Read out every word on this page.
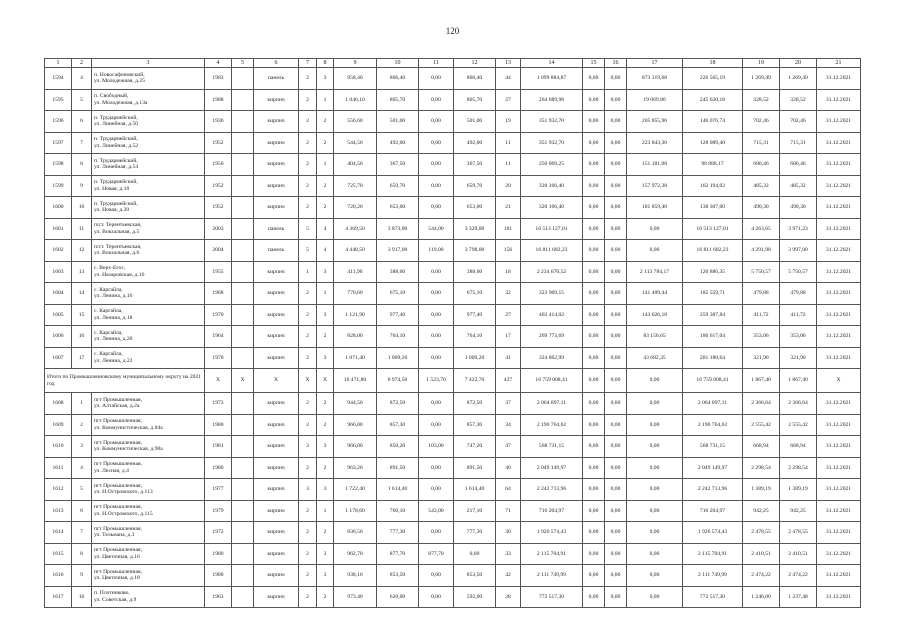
120
1	2	3	4	5	6	7	8	9	10	11	12	13	14	15	16	17	18	19	20	21
1594	4	п. Новосафоновский,
ул. Молодежная, д.25	1983		панель	2	3	958,40	866,40	0,00	866,40	44	1 099 884,87	0,00	0,00	873 319,68	226 565,19	1 269,49	1 269,49	31.12.2021
1595	5	п. Свободный,
ул. Молодежная, д.13а	1988		кирпич	2	1	1 046,10	805,70	0,00	805,70	27	264 689,98	0,00	0,00	19 069,80	245 620,18	328,52	328,52	31.12.2021
1596	6	п. Трудармейский,
ул. Линейная, д.50	1936		кирпич	2	2	556,60	501,00	0,00	501,00	19	351 932,70	0,00	0,00	205 855,96	146 076,74	702,46	702,46	31.12.2021
1597	7	п. Трудармейский,
ул. Линейная, д.52	1952		кирпич	2	2	544,50	492,00	0,00	492,00	11	351 932,70	0,00	0,00	223 843,30	128 089,40	715,31	715,31	31.12.2021
1598	8	п. Трудармейский,
ул. Линейная, д.54	1950		кирпич	2	1	404,50	367,50	0,00	367,50	11	250 069,25	0,00	0,00	151 181,08	98 888,17	680,46	680,46	31.12.2021
1599	9	п. Трудармейский,
ул. Новая, д.18	1952		кирпич	2	2	725,70	659,70	0,00	659,70	20	320 166,40	0,00	0,00	157 972,38	162 194,02	485,32	485,32	31.12.2021
1600	10	п. Трудармейский,
ул. Новая, д.20	1952		кирпич	2	2	720,20	653,00	0,00	653,00	21	320 166,40	0,00	0,00	181 859,40	138 307,00	490,30	490,30	31.12.2021
1601	11	п/ст. Терентьевская,
ул. Вокзальная, д.5	2003		панель	5	4	4 369,50	3 873,00	544,00	3 329,00	181	16 513 127,01	0,00	0,00	0,00	16 513 127,01	4 263,65	3 971,23	31.12.2021
1602	12	п/ст. Терентьевская,
ул. Вокзальная, д.6	2004		панель	5	4	4 448,50	3 917,00	119,00	3 798,00	156	16 811 682,23	0,00	0,00	0,00	16 811 682,23	4 291,98	3 997,00	31.12.2021
1603	13	с. Верх-Егос,
ул. Назаровская, д.16	1955		кирпич	1	3	411,90	388,60	0,00	388,60	18	2 234 670,52	0,00	0,00	2 113 784,17	120 886,35	5 750,57	5 750,57	31.12.2021
1604	14	с. Каргайла,
ул. Ленина, д.16	1968		кирпич	2	1	770,60	675,10	0,00	675,10	32	323 969,15	0,00	0,00	141 409,44	182 559,71	479,88	479,88	31.12.2021
1605	15	с. Каргайла,
ул. Ленина, д.18	1970		кирпич	2	3	1 121,90	977,40	0,00	977,40	27	402 414,02	0,00	0,00	143 026,18	259 387,84	411,72	411,72	31.12.2021
1606	16	с. Каргайла,
ул. Ленина, д.20	1964		кирпич	2	2	828,00	764,10	0,00	764,10	17	269 773,69	0,00	0,00	83 156,65	186 617,04	353,06	353,06	31.12.2021
1607	17	с. Каргайла,
ул. Ленина, д.22	1970		кирпич	2	3	1 071,40	1 009,20	0,00	1 009,20	41	324 862,99	0,00	0,00	43 682,35	281 180,64	321,90	321,90	31.12.2021
Итого по Промышленновскому муниципальному округу на 2021 год			X	X	X	X	X	10 471,80	8 974,50	1 523,70	7 422,70	427	16 759 008,41	0,00	0,00	0,00	16 759 008,41	1 867,40	1 867,40	X
1608	1	пгт Промышленная,
ул. Алтайская, д.2а	1973		кирпич	2	2	944,50	872,50	0,00	872,50	37	2 064 897,11	0,00	0,00	0,00	2 064 897,11	2 366,64	2 366,64	31.12.2021
1609	2	пгт Промышленная,
ул. Коммунистическая, д.84а	1980		кирпич	2	2	966,00	857,30	0,00	857,30	34	2 190 764,62	0,00	0,00	0,00	2 190 764,62	2 555,42	2 555,42	31.12.2021
1610	3	пгт Промышленная,
ул. Коммунистическая, д.90а	1981		кирпич	3	3	966,00	850,20	103,00	747,20	47	568 731,15	0,00	0,00	0,00	568 731,15	668,94	668,94	31.12.2021
1611	4	пгт Промышленная,
ул. Лесная, д.4	1980		кирпич	2	2	963,20	891,50	0,00	891,50	40	2 049 149,97	0,00	0,00	0,00	2 049 149,97	2 298,54	2 298,54	31.12.2021
1612	5	пгт Промышленная,
ул. Н.Островского, д.113	1977		кирпич	3	3	1 722,40	1 614,40	0,00	1 614,40	64	2 242 713,96	0,00	0,00	0,00	2 242 713,96	1 389,19	1 389,19	31.12.2021
1613	6	пгт Промышленная,
ул. Н.Островского, д.115	1979		кирпич	2	1	1 178,60	760,10	543,00	217,10	71	716 204,97	0,00	0,00	0,00	716 204,97	942,25	942,25	31.12.2021
1614	7	пгт Промышленная,
ул. Тельмана, д.3	1972		кирпич	2	2	836,50	777,30	0,00	777,30	30	1 926 574,43	0,00	0,00	0,00	1 926 574,43	2 478,55	2 478,55	31.12.2021
1615	8	пгт Промышленная,
ул. Цветочная, д.16	1980		кирпич	2	3	962,70	877,70	877,70	0,00	33	2 115 704,91	0,00	0,00	0,00	2 115 704,91	2 410,51	2 410,51	31.12.2021
1616	9	пгт Промышленная,
ул. Цветочная, д.18	1980		кирпич	2	3	938,10	853,50	0,00	853,50	42	2 111 749,99	0,00	0,00	0,00	2 111 749,99	2 474,22	2 474,22	31.12.2021
1617	10	п. Плотниково,
ул. Советская, д.9	1963		кирпич	2	2	973,40	620,00	0,00	592,00	28	772 517,30	0,00	0,00	0,00	772 517,30	1 246,00	1 237,48	31.12.2021
